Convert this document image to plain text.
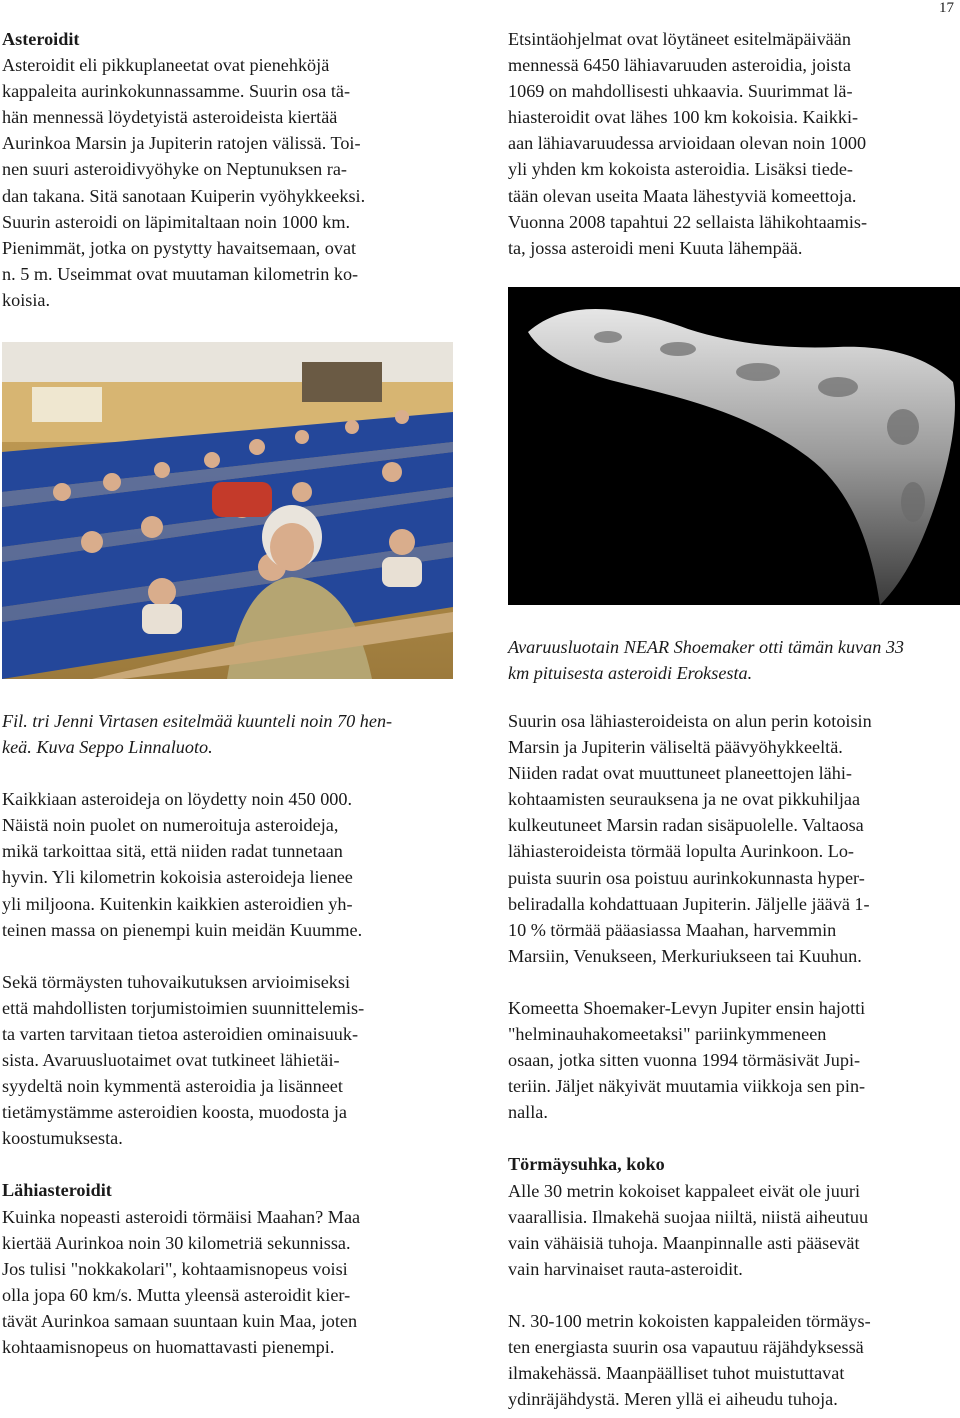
17
Asteroidit

Asteroidit eli pikkuplaneetat ovat pienehköjä
kappaleita aurinkokunnassamme. Suurin osa tä-
hän mennessä löydetyistä asteroideista kiertää
Aurinkoa Marsin ja Jupiterin ratojen välissä. Toi-
nen suuri asteroidivyöhyke on Neptunuksen ra-
dan takana. Sitä sanotaan Kuiperin vyöhykkeeksi.
Suurin asteroidi on läpimitaltaan noin 1000 km.
Pienimmät, jotka on pystytty havaitsemaan, ovat
n. 5 m. Useimmat ovat muutaman kilometrin ko-
koisia.

Etsintäohjelmat ovat löytäneet esitelmäpäivään
mennessä 6450 lähiavaruuden asteroidia, joista
1069 on mahdollisesti uhkaavia. Suurimmat lä-
hiasteroidit ovat lähes 100 km kokoisia. Kaikki-
aan lähiavaruudessa arvioidaan olevan noin 1000
yli yhden km kokoista asteroidia. Lisäksi tiede-
tään olevan useita Maata lähestyviä komeettoja.
Vuonna 2008 tapahtui 22 sellaista lähikohtaamis-
ta, jossa asteroidi meni Kuuta lähempää.

Avaruusluotain NEAR Shoemaker otti tämän kuvan 33
km pituisesta asteroidi Eroksesta.

Fil. tri Jenni Virtasen esitelmää kuunteli noin 70 hen-
keä. Kuva Seppo Linnaluoto.

Kaikkiaan asteroideja on löydetty noin 450 000.
Näistä noin puolet on numeroituja asteroideja,
mikä tarkoittaa sitä, että niiden radat tunnetaan
hyvin. Yli kilometrin kokoisia asteroideja lienee
yli miljoona. Kuitenkin kaikkien asteroidien yh-
teinen massa on pienempi kuin meidän Kuumme.

Sekä törmäysten tuhovaikutuksen arvioimiseksi
että mahdollisten torjumistoimien suunnittelemis-
ta varten tarvitaan tietoa asteroidien ominaisuuk-
sista. Avaruusluotaimet ovat tutkineet lähietäi-
syydeltä noin kymmentä asteroidia ja lisänneet
tietämystämme asteroidien koosta, muodosta ja
koostumuksesta.

Lähiasteroidit

Kuinka nopeasti asteroidi törmäisi Maahan? Maa
kiertää Aurinkoa noin 30 kilometriä sekunnissa.
Jos tulisi "nokkakolari", kohtaamisnopeus voisi
olla jopa 60 km/s. Mutta yleensä asteroidit kier-
tävät Aurinkoa samaan suuntaan kuin Maa, joten
kohtaamisnopeus on huomattavasti pienempi.

Suurin osa lähiasteroideista on alun perin kotoisin
Marsin ja Jupiterin väliseltä päävyöhykkeeltä.
Niiden radat ovat muuttuneet planeettojen lähi-
kohtaamisten seurauksena ja ne ovat pikkuhiljaa
kulkeutuneet Marsin radan sisäpuolelle. Valtaosa
lähiasteroideista törmää lopulta Aurinkoon. Lo-
puista suurin osa poistuu aurinkokunnasta hyper-
beliradalla kohdattuaan Jupiterin. Jäljelle jäävä 1-
10 % törmää pääasiassa Maahan, harvemmin
Marsiin, Venukseen, Merkuriukseen tai Kuuhun.

Komeetta Shoemaker-Levyn Jupiter ensin hajotti
"helminauhakomeetaksi" pariinkymmeneen
osaan, jotka sitten vuonna 1994 törmäsivät Jupi-
teriin. Jäljet näkyivät muutamia viikkoja sen pin-
nalla.

Törmäysuhka, koko

Alle 30 metrin kokoiset kappaleet eivät ole juuri
vaarallisia. Ilmakehä suojaa niiltä, niistä aiheutuu
vain vähäisiä tuhoja. Maanpinnalle asti pääsevät
vain harvinaiset rauta-asteroidit.

N. 30-100 metrin kokoisten kappaleiden törmäys-
ten energiasta suurin osa vapautuu räjähdyksessä
ilmakehässä. Maanpäälliset tuhot muistuttavat
ydinräjähdystä. Meren yllä ei aiheudu tuhoja.
